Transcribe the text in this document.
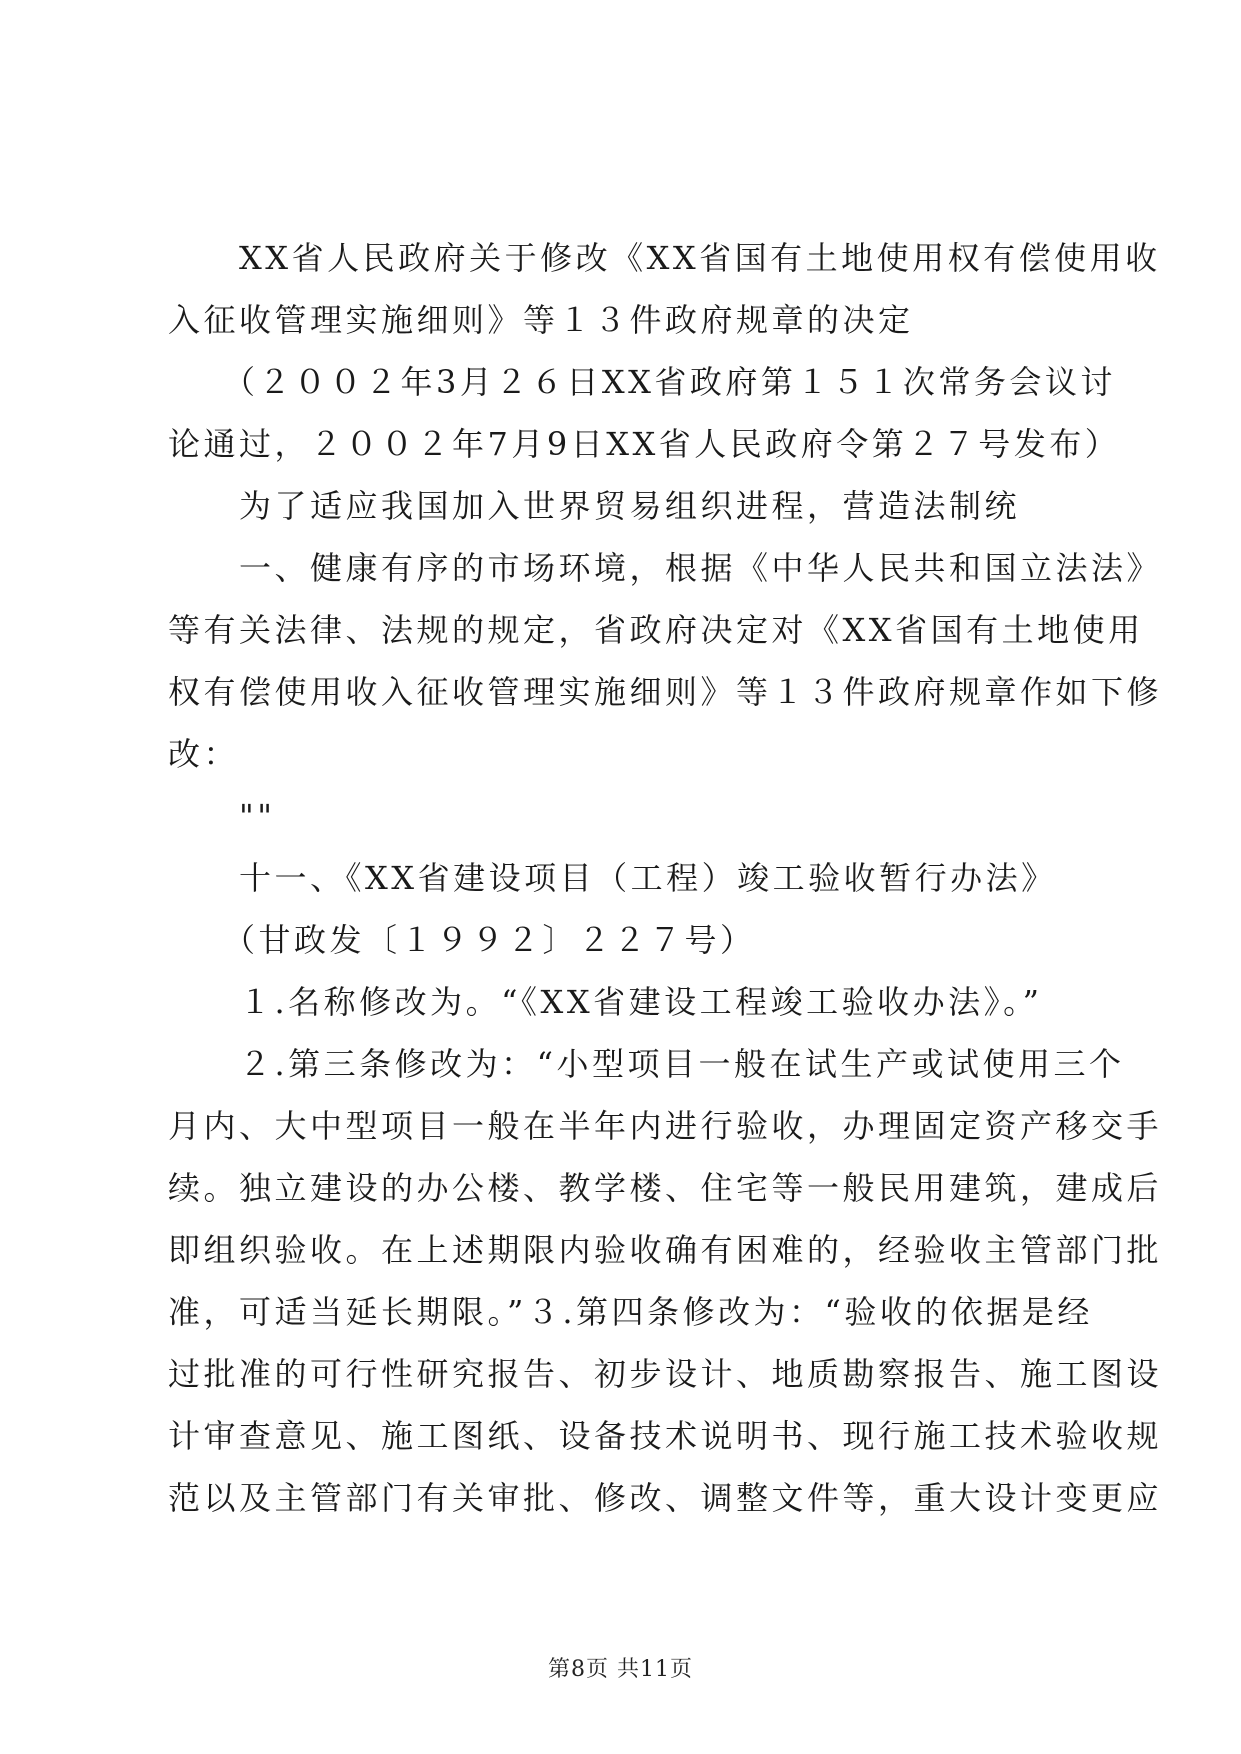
　　XX省人民政府关于修改《XX省国有土地使用权有偿使用收
入征收管理实施细则》等１３件政府规章的决定
　　（２００２年3月２６日XX省政府第１５１次常务会议讨
论通过，２００２年7月9日XX省人民政府令第２７号发布）
　　为了适应我国加入世界贸易组织进程，营造法制统
　　一、健康有序的市场环境，根据《中华人民共和国立法法》
等有关法律、法规的规定，省政府决定对《XX省国有土地使用
权有偿使用收入征收管理实施细则》等１３件政府规章作如下修
改：
　　""
　　十一、《XX省建设项目（工程）竣工验收暂行办法》
　　（甘政发〔１９９２〕２２７号）
　　１.名称修改为。“《XX省建设工程竣工验收办法》。”
　　２.第三条修改为：“小型项目一般在试生产或试使用三个
月内、大中型项目一般在半年内进行验收，办理固定资产移交手
续。独立建设的办公楼、教学楼、住宅等一般民用建筑，建成后
即组织验收。在上述期限内验收确有困难的，经验收主管部门批
准，可适当延长期限。”３.第四条修改为：“验收的依据是经
过批准的可行性研究报告、初步设计、地质勘察报告、施工图设
计审查意见、施工图纸、设备技术说明书、现行施工技术验收规
范以及主管部门有关审批、修改、调整文件等，重大设计变更应
第8页 共11页
